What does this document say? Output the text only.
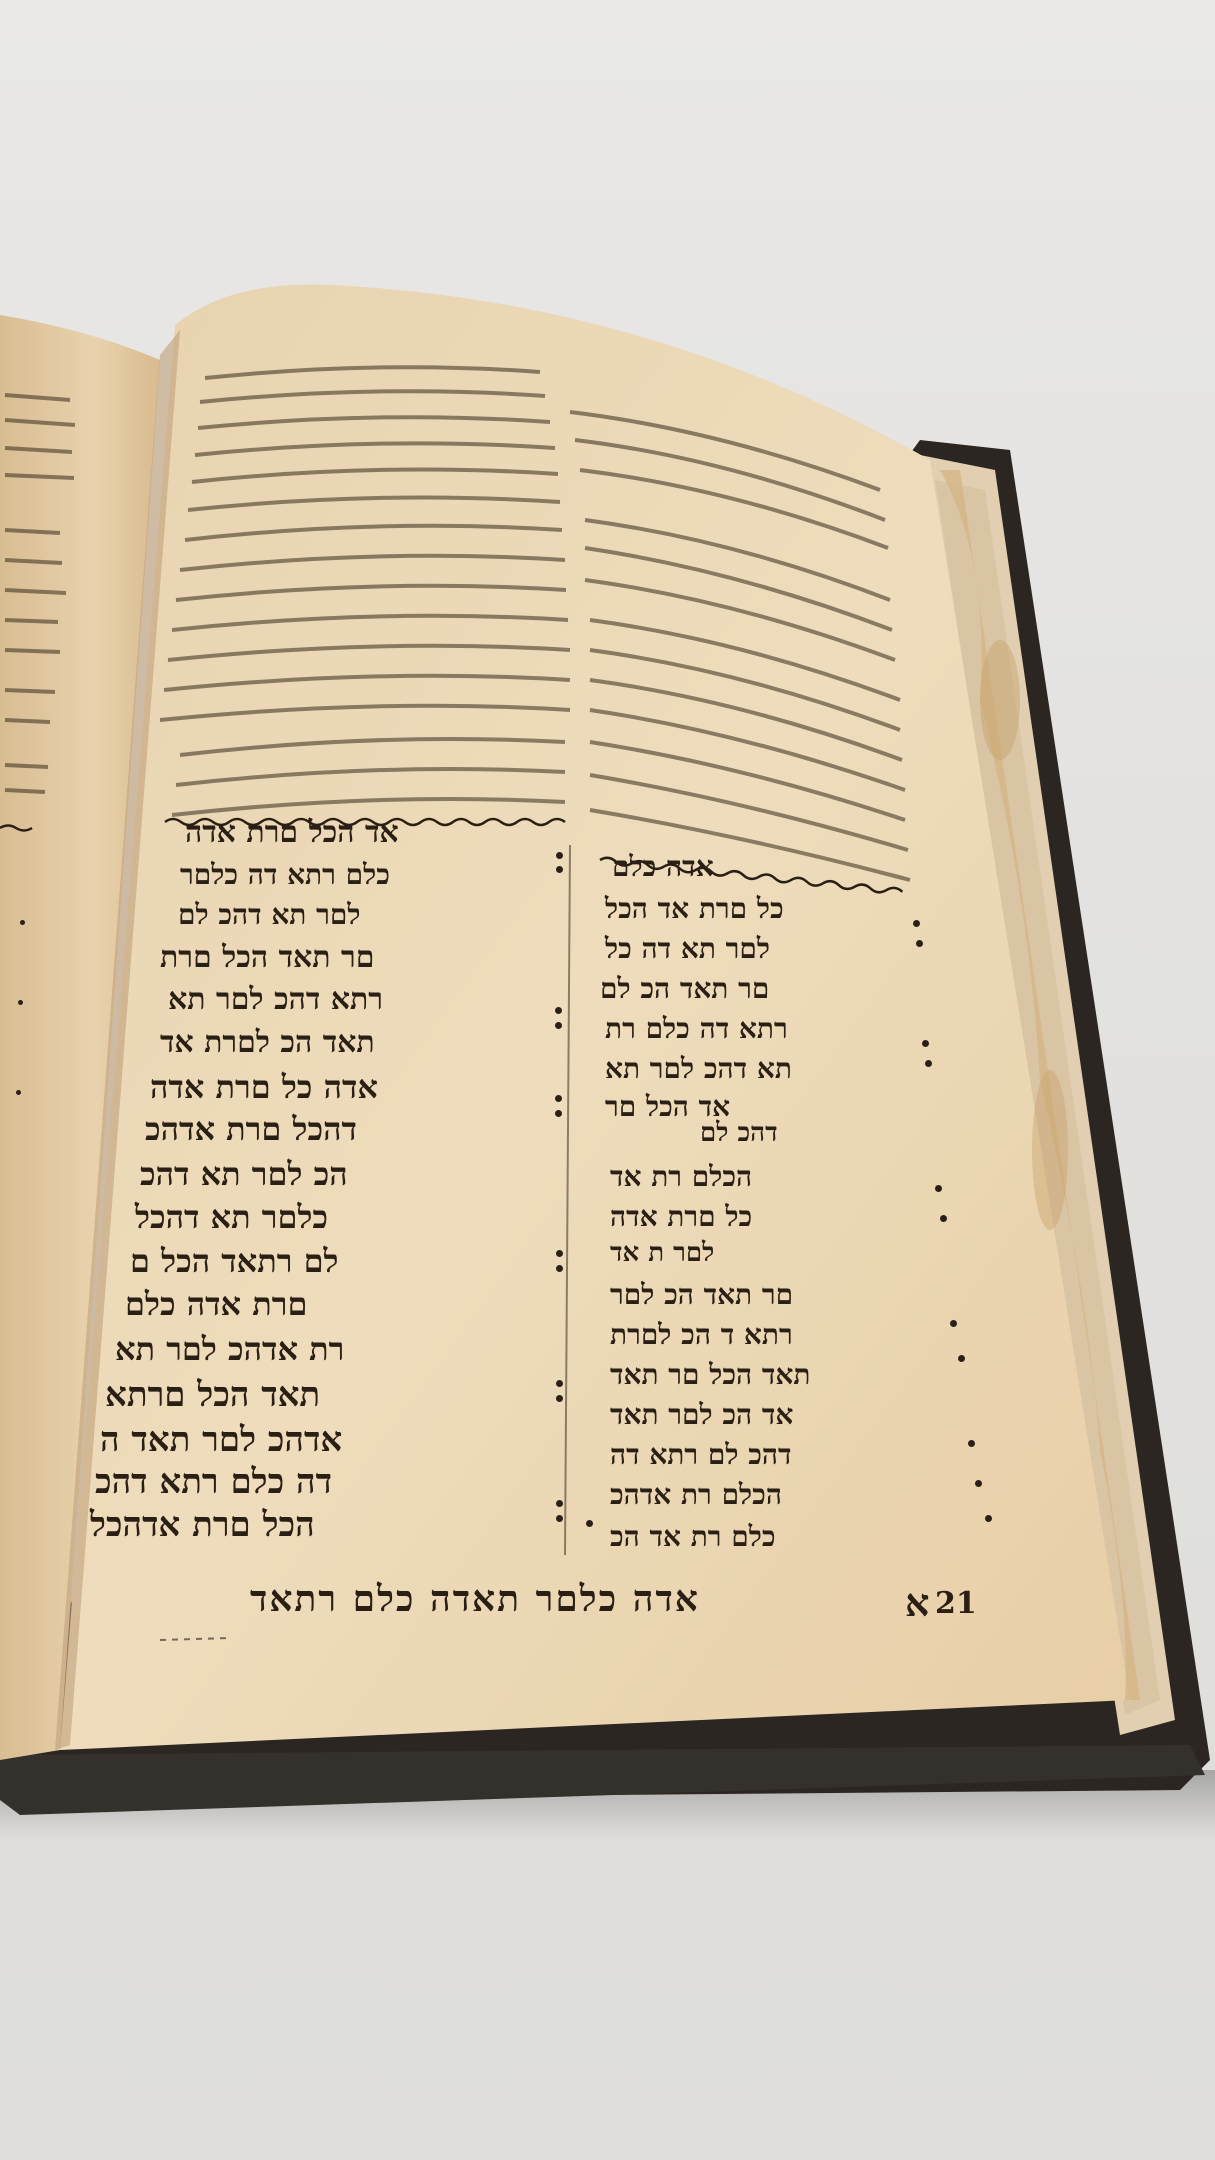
ﬡﬢ ﬣﬤﬥ ﬦﬧﬨ ﬡﬢﬣ
ﬤﬥﬦ ﬧﬨﬡ ﬢﬣ ﬤﬥﬦﬧ
ﬥﬦﬧ ﬨﬡ ﬢﬣﬤ ﬥﬦ
ﬦﬧ ﬨﬡﬢ ﬣﬤﬥ ﬦﬧﬨ
ﬧﬨﬡ ﬢﬣﬤ ﬥﬦﬧ ﬨﬡ
ﬨﬡﬢ ﬣﬤ ﬥﬦﬧﬨ ﬡﬢ
ﬡﬢﬣ ﬤﬥ ﬦﬧﬨ ﬡﬢﬣ
ﬢﬣﬤﬥ ﬦﬧﬨ ﬡﬢﬣﬤ
ﬣﬤ ﬥﬦﬧ ﬨﬡ ﬢﬣﬤ
ﬤﬥﬦﬧ ﬨﬡ ﬢﬣﬤﬥ
ﬥﬦ ﬧﬨﬡﬢ ﬣﬤﬥ ﬦ
ﬦﬧﬨ ﬡﬢﬣ ﬤﬥﬦ
ﬧﬨ ﬡﬢﬣﬤ ﬥﬦﬧ ﬨﬡ
ﬨﬡﬢ ﬣﬤﬥ ﬦﬧﬨﬡ
ﬡﬢﬣﬤ ﬥﬦﬧ ﬨﬡﬢ ﬣ
ﬢﬣ ﬤﬥﬦ ﬧﬨﬡ ﬢﬣﬤ
ﬣﬤﬥ ﬦﬧﬨ ﬡﬢﬣﬤﬥ
ﬡﬢﬣ ﬤﬥﬦ
ﬤﬥ ﬦﬧﬨ ﬡﬢ ﬣﬤﬥ
ﬥﬦﬧ ﬨﬡ ﬢﬣ ﬤﬥ
ﬦﬧ ﬨﬡﬢ ﬣﬤ ﬥﬦ
ﬧﬨﬡ ﬢﬣ ﬤﬥﬦ ﬧﬨ
ﬨﬡ ﬢﬣﬤ ﬥﬦﬧ ﬨﬡ
ﬡﬢ ﬣﬤﬥ ﬦﬧ
ﬢﬣﬤ ﬥﬦ
ﬣﬤﬥﬦ ﬧﬨ ﬡﬢ
ﬤﬥ ﬦﬧﬨ ﬡﬢﬣ
ﬥﬦﬧ ﬨ ﬡﬢ
ﬦﬧ ﬨﬡﬢ ﬣﬤ ﬥﬦﬧ
ﬧﬨﬡ ﬢ ﬣﬤ ﬥﬦﬧﬨ
ﬨﬡﬢ ﬣﬤﬥ ﬦﬧ ﬨﬡﬢ
ﬡﬢ ﬣﬤ ﬥﬦﬧ ﬨﬡﬢ
ﬢﬣﬤ ﬥﬦ ﬧﬨﬡ ﬢﬣ
ﬣﬤﬥﬦ ﬧﬨ ﬡﬢﬣﬤ
ﬤﬥﬦ ﬧﬨ ﬡﬢ ﬣﬤ
ﬡﬢﬣ ﬤﬥﬦﬧ ﬨﬡﬢﬣ ﬤﬥﬦ ﬧﬨﬡﬢ	א 21
